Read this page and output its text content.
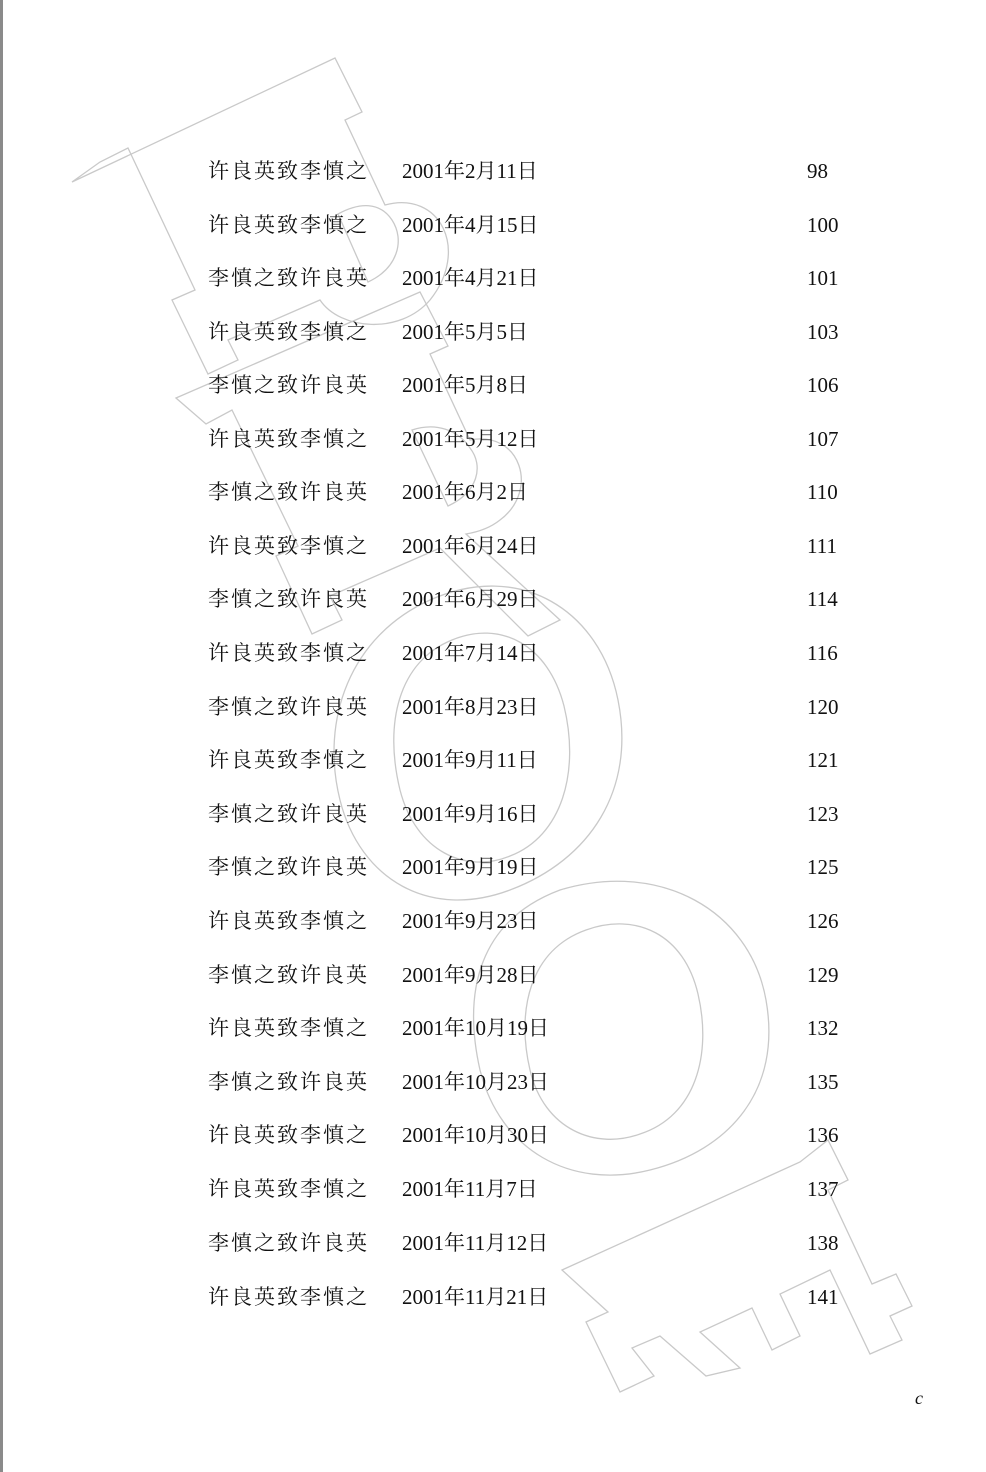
许良英致李慎之 2001年2月11日	98
许良英致李慎之 2001年4月15日	100
李慎之致许良英 2001年4月21日	101
许良英致李慎之 2001年5月5日	103
李慎之致许良英 2001年5月8日	106
许良英致李慎之 2001年5月12日	107
李慎之致许良英 2001年6月2日	110
许良英致李慎之 2001年6月24日	111
李慎之致许良英 2001年6月29日	114
许良英致李慎之 2001年7月14日	116
李慎之致许良英 2001年8月23日	120
许良英致李慎之 2001年9月11日	121
李慎之致许良英 2001年9月16日	123
李慎之致许良英 2001年9月19日	125
许良英致李慎之 2001年9月23日	126
李慎之致许良英 2001年9月28日	129
许良英致李慎之 2001年10月19日	132
李慎之致许良英 2001年10月23日	135
许良英致李慎之 2001年10月30日	136
许良英致李慎之 2001年11月7日	137
李慎之致许良英 2001年11月12日	138
许良英致李慎之 2001年11月21日	141
c
